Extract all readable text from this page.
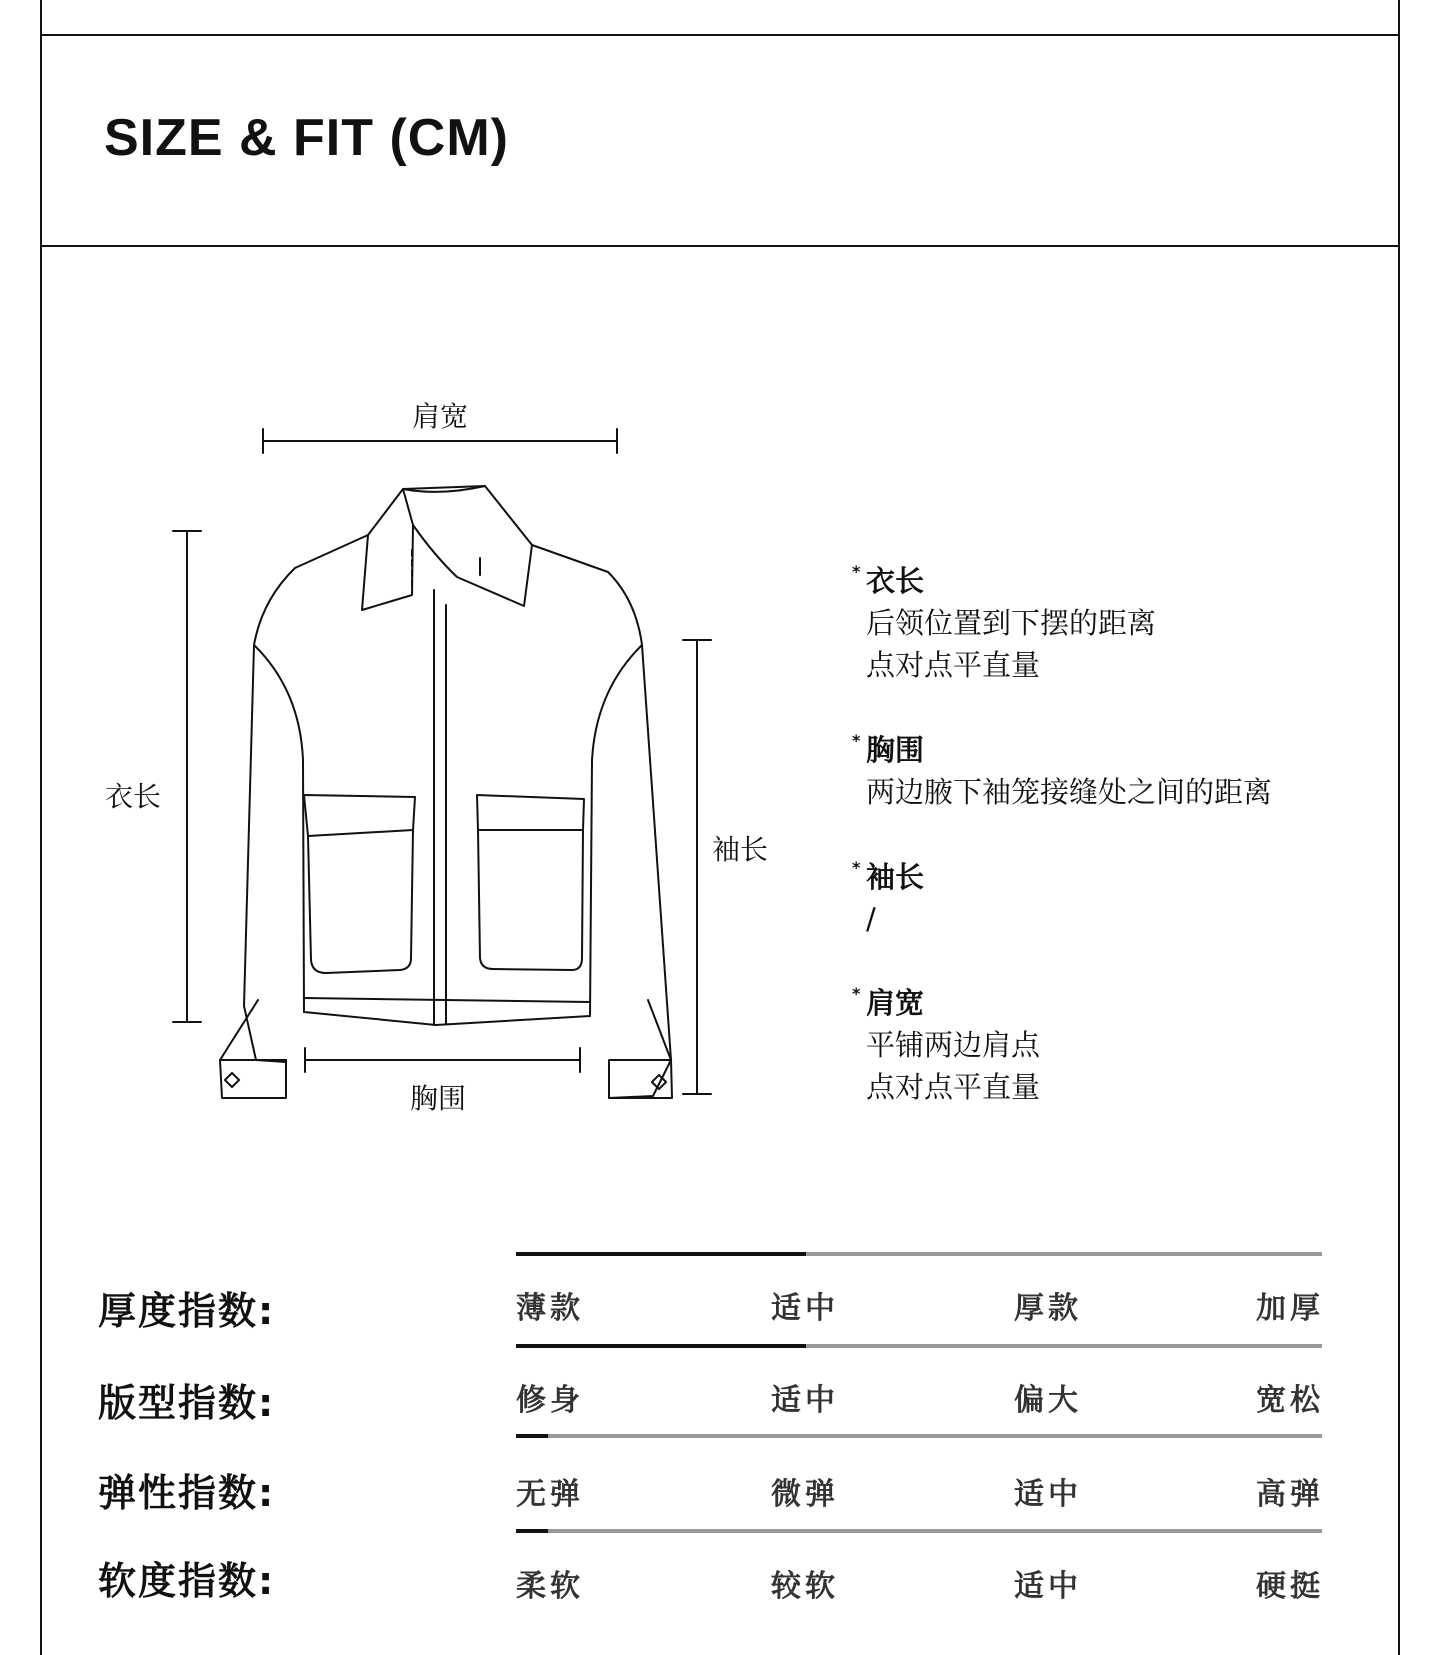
SIZE & FIT (CM)
肩宽
衣长
袖长
胸围
* 衣长
后领位置到下摆的距离
点对点平直量
* 胸围
两边腋下袖笼接缝处之间的距离
* 袖长
/
* 肩宽
平铺两边肩点
点对点平直量
厚度指数:	薄款	适中	厚款	加厚
版型指数:	修身	适中	偏大	宽松
弹性指数:	无弹	微弹	适中	高弹
软度指数:	柔软	较软	适中	硬挺
